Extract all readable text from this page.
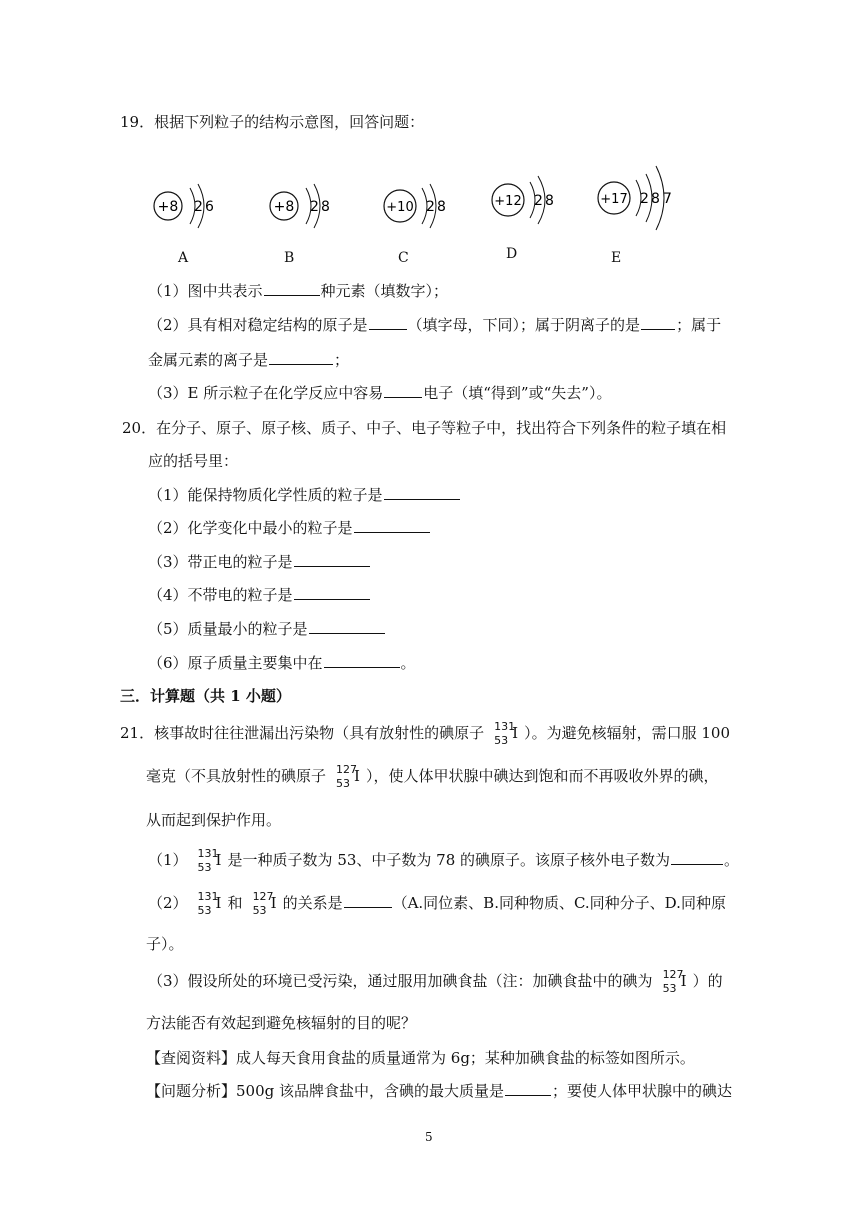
19．根据下列粒子的结构示意图，回答问题：
+8 2 6
A
+8 2 8
B
+10 2 8
C
+12 2 8
D
+17 2 8 7
E
（1）图中共表示	种元素（填数字）；
（2）具有相对稳定结构的原子是	（填字母，下同）；属于阴离子的是 ；属于
金属元素的离子是	；
（3）E 所示粒子在化学反应中容易	电子（填“得到”或“失去”）。
20．在分子、原子、原子核、质子、中子、电子等粒子中，找出符合下列条件的粒子填在相
应的括号里：
（1）能保持物质化学性质的粒子是
（2）化学变化中最小的粒子是
（3）带正电的粒子是
（4）不带电的粒子是
（5）质量最小的粒子是
（6）原子质量主要集中在	。
三．计算题（共 1 小题）
21．核事故时往往泄漏出污染物（具有放射性的碘原子 131
53 I ）。为避免核辐射，需口服 100
毫克（不具放射性的碘原子 127
53 I ），使人体甲状腺中碘达到饱和而不再吸收外界的碘，
从而起到保护作用。
（1） 131
53 I 是一种质子数为 53、中子数为 78 的碘原子。该原子核外电子数为	。
（2） 131
53 I 和 127
53 I 的关系是	（A.同位素、B.同种物质、C.同种分子、D.同种原
子）。
（3）假设所处的环境已受污染，通过服用加碘食盐（注：加碘食盐中的碘为 127
53 I ）的
方法能否有效起到避免核辐射的目的呢？
【查阅资料】成人每天食用食盐的质量通常为 6g；某种加碘食盐的标签如图所示。
【问题分析】500g 该品牌食盐中，含碘的最大质量是	；要使人体甲状腺中的碘达
5
